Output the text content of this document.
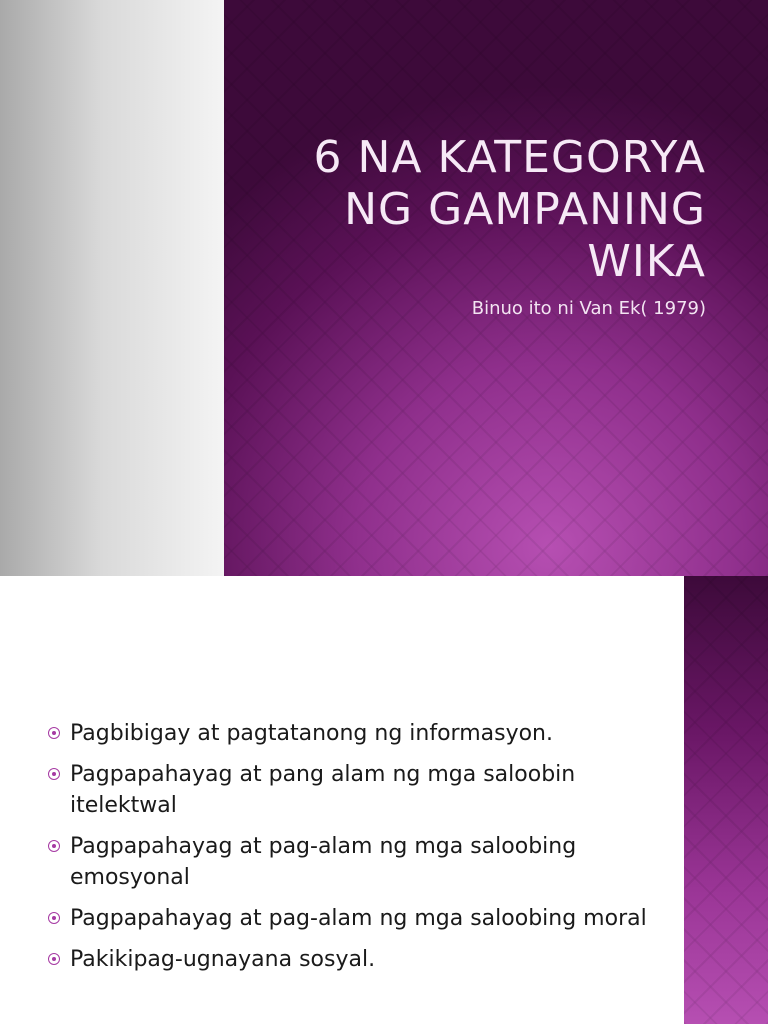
6 NA KATEGORYA
NG GAMPANING
WIKA
Binuo ito ni Van Ek( 1979)
Pagbibigay at pagtatanong ng informasyon.
Pagpapahayag at pang alam ng mga saloobin itelektwal
Pagpapahayag at pag-alam ng mga saloobing emosyonal
Pagpapahayag at pag-alam ng mga saloobing moral
Pakikipag-ugnayana sosyal.
